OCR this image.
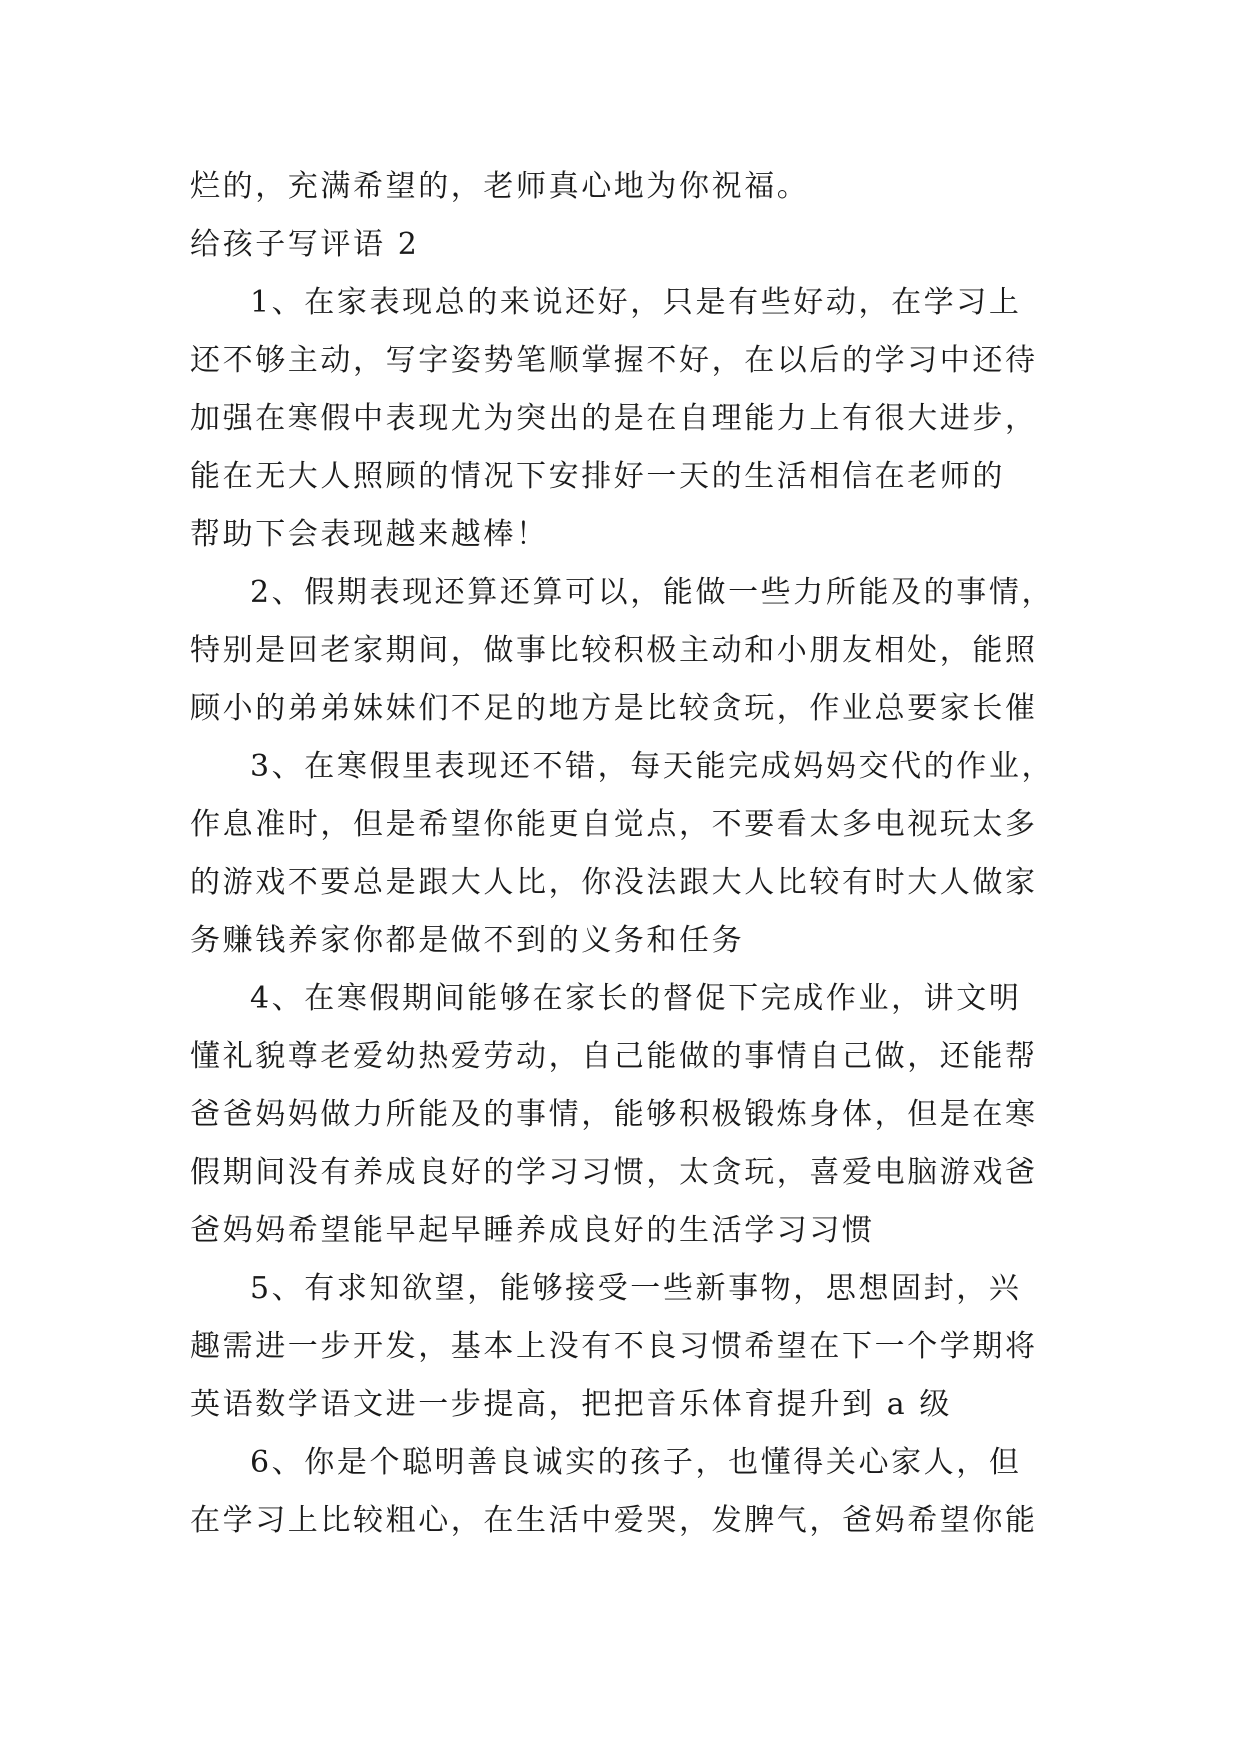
烂的，充满希望的，老师真心地为你祝福。
给孩子写评语 2
1、在家表现总的来说还好，只是有些好动，在学习上
还不够主动，写字姿势笔顺掌握不好，在以后的学习中还待
加强在寒假中表现尤为突出的是在自理能力上有很大进步，
能在无大人照顾的情况下安排好一天的生活相信在老师的
帮助下会表现越来越棒！
2、假期表现还算还算可以，能做一些力所能及的事情，
特别是回老家期间，做事比较积极主动和小朋友相处，能照
顾小的弟弟妹妹们不足的地方是比较贪玩，作业总要家长催
3、在寒假里表现还不错，每天能完成妈妈交代的作业，
作息准时，但是希望你能更自觉点，不要看太多电视玩太多
的游戏不要总是跟大人比，你没法跟大人比较有时大人做家
务赚钱养家你都是做不到的义务和任务
4、在寒假期间能够在家长的督促下完成作业，讲文明
懂礼貌尊老爱幼热爱劳动，自己能做的事情自己做，还能帮
爸爸妈妈做力所能及的事情，能够积极锻炼身体，但是在寒
假期间没有养成良好的学习习惯，太贪玩，喜爱电脑游戏爸
爸妈妈希望能早起早睡养成良好的生活学习习惯
5、有求知欲望，能够接受一些新事物，思想固封，兴
趣需进一步开发，基本上没有不良习惯希望在下一个学期将
英语数学语文进一步提高，把把音乐体育提升到 a 级
6、你是个聪明善良诚实的孩子，也懂得关心家人，但
在学习上比较粗心，在生活中爱哭，发脾气，爸妈希望你能
